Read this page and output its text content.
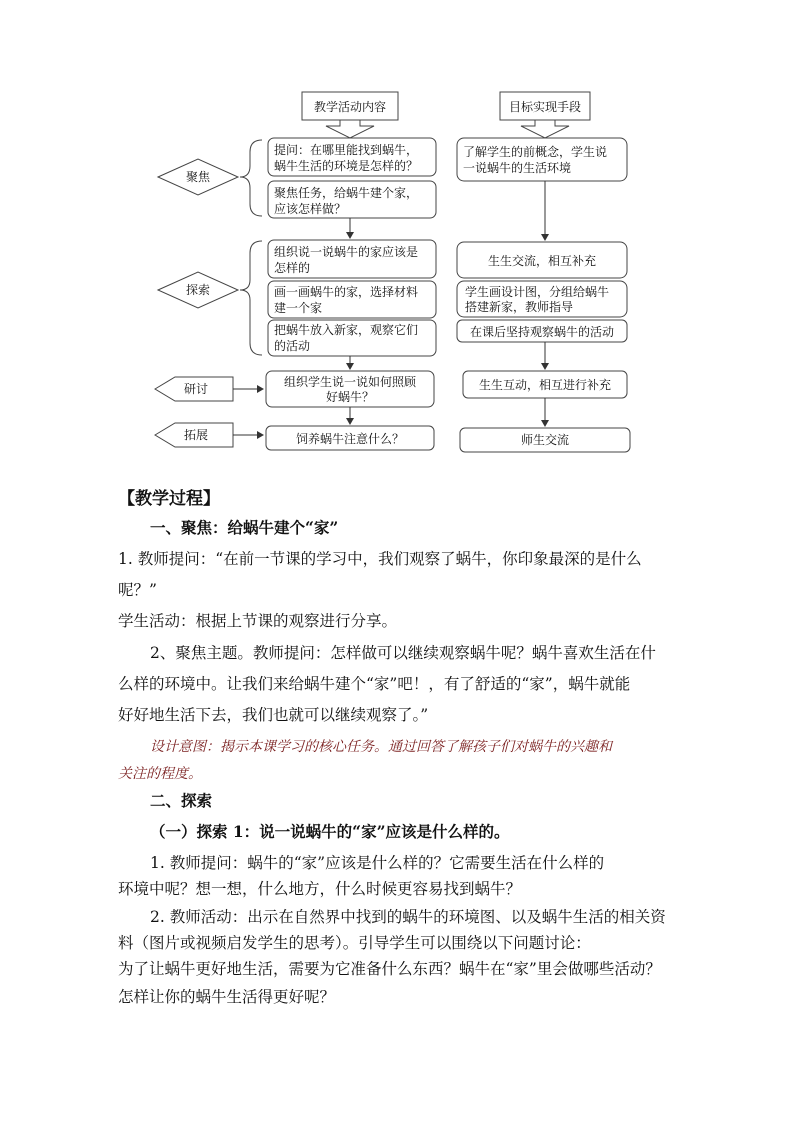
教学活动内容	目标实现手段
聚焦
探索
研讨
拓展
提问：在哪里能找到蜗牛，
蜗牛生活的环境是怎样的？
聚焦任务，给蜗牛建个家，
应该怎样做？
组织说一说蜗牛的家应该是
怎样的
画一画蜗牛的家，选择材料
建一个家
把蜗牛放入新家，观察它们
的活动
组织学生说一说如何照顾
好蜗牛？
饲养蜗牛注意什么？
了解学生的前概念，学生说
一说蜗牛的生活环境
生生交流，相互补充
学生画设计图，分组给蜗牛
搭建新家，教师指导
在课后坚持观察蜗牛的活动
生生互动，相互进行补充
师生交流
【教学过程】
一、聚焦：给蜗牛建个“家”
1. 教师提问：“在前一节课的学习中，我们观察了蜗牛，你印象最深的是什么
呢？”
学生活动：根据上节课的观察进行分享。
2、聚焦主题。教师提问：怎样做可以继续观察蜗牛呢？蜗牛喜欢生活在什
么样的环境中。让我们来给蜗牛建个“家”吧！，有了舒适的“家”，蜗牛就能
好好地生活下去，我们也就可以继续观察了。”
设计意图：揭示本课学习的核心任务。通过回答了解孩子们对蜗牛的兴趣和
关注的程度。
二、探索
（一）探索 1：说一说蜗牛的“家”应该是什么样的。
1. 教师提问：蜗牛的“家”应该是什么样的？它需要生活在什么样的
环境中呢？想一想，什么地方，什么时候更容易找到蜗牛？
2. 教师活动：出示在自然界中找到的蜗牛的环境图、以及蜗牛生活的相关资
料（图片或视频启发学生的思考）。引导学生可以围绕以下问题讨论：
为了让蜗牛更好地生活，需要为它准备什么东西？蜗牛在“家”里会做哪些活动？
怎样让你的蜗牛生活得更好呢？
